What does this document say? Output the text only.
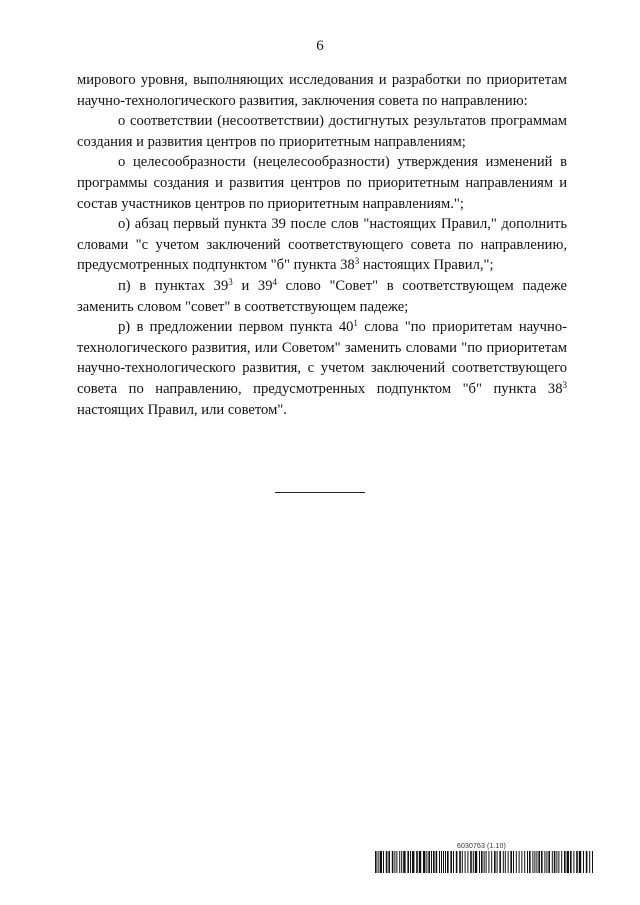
6

мирового уровня, выполняющих исследования и разработки по приоритетам научно-технологического развития, заключения совета по направлению:

о соответствии (несоответствии) достигнутых результатов программам создания и развития центров по приоритетным направлениям;

о целесообразности (нецелесообразности) утверждения изменений в программы создания и развития центров по приоритетным направлениям и состав участников центров по приоритетным направлениям.";

о) абзац первый пункта 39 после слов "настоящих Правил," дополнить словами "с учетом заключений соответствующего совета по направлению, предусмотренных подпунктом "б" пункта $38^3$ настоящих Правил,";

п) в пунктах $39^3$ и $39^4$ слово "Совет" в соответствующем падеже заменить словом "совет" в соответствующем падеже;

р) в предложении первом пункта $40^1$ слова "по приоритетам научно-технологического развития, или Советом" заменить словами "по приоритетам научно-технологического развития, с учетом заключений соответствующего совета по направлению, предусмотренных подпунктом "б" пункта $38^3$ настоящих Правил, или советом".

6030763 (1.10)
